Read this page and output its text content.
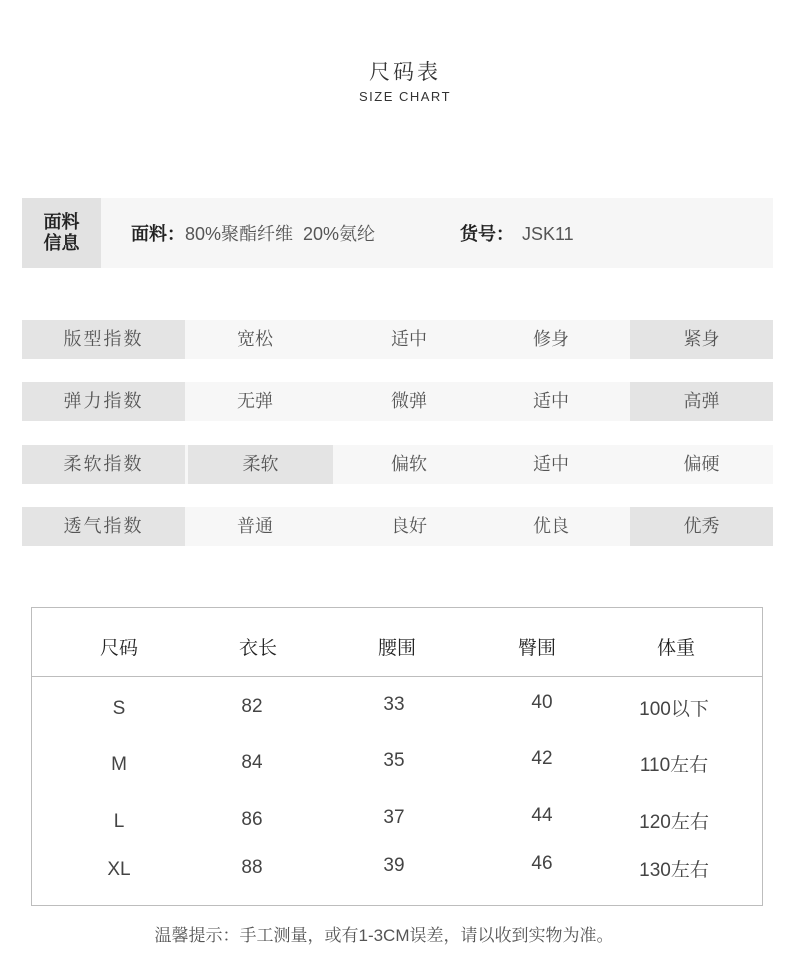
尺码表
SIZE CHART
面料信息	面料：80%聚酯纤维  20%氨纶	货号： JSK11
版型指数	宽松	适中	修身	紧身
弹力指数	无弹	微弹	适中	高弹
柔软指数	柔软	偏软	适中	偏硬
透气指数	普通	良好	优良	优秀
尺码	衣长	腰围	臀围	体重
S	82	33	40	100以下
M	84	35	42	110左右
L	86	37	44	120左右
XL	88	39	46	130左右
温馨提示：手工测量，或有1-3CM误差，请以收到实物为准。
